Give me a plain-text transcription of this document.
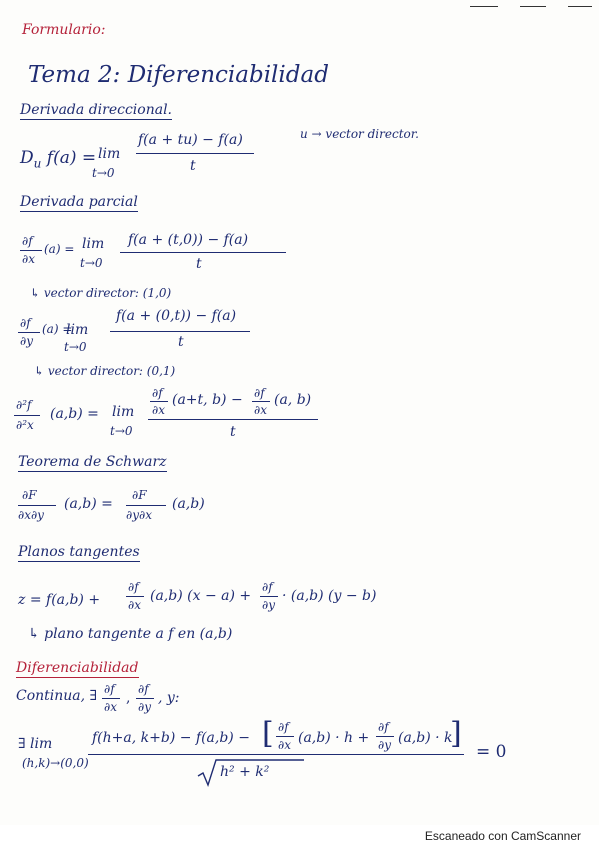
Formulario:
Tema 2: Diferenciabilidad
Derivada direccional.
$D_u$ f(a) = lim
t→0
f(a + tu) − f(a)
t
u → vector director.
Derivada parcial
∂f
∂x
(a) = lim
t→0
f(a + (t,0)) − f(a)
t
↳ vector director: (1,0)
∂f
∂y
(a) =
lim
t→0
f(a + (0,t)) − f(a)
t
↳ vector director: (0,1)
∂²f
∂²x
(a,b) = lim
t→0
∂f
∂x
(a+t, b) − ∂f
∂x
(a, b)
t
Teorema de Schwarz
∂F
∂x∂y
(a,b) =
∂F
∂y∂x
(a,b)
Planos tangentes
z = f(a,b) +
∂f
∂x
(a,b) (x − a) +
∂f
∂y
· (a,b) (y − b)
↳ plano tangente a f en (a,b)
Diferenciabilidad
Continua, ∃ ∂f
∂x
,
∂f
∂y
, y:
∃ lim
(h,k)→(0,0)
f(h+a, k+b) − f(a,b) − [ ∂f
∂x (a,b) · h +
∂f
∂y (a,b) · k
]
h² + k²
= 0
Escaneado con CamScanner
